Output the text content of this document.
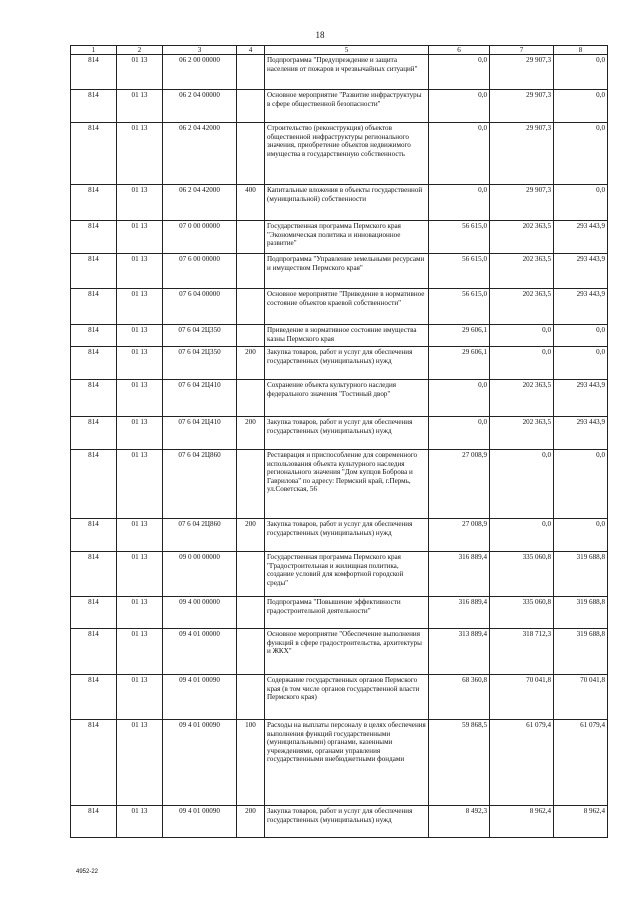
18
1	2	3	4	5	6	7	8
814	01 13	06 2 00 00000		Подпрограмма "Предупреждение и защита населения от пожаров и чрезвычайных ситуаций"	0,0	29 907,3	0,0
814	01 13	06 2 04 00000		Основное мероприятие "Развитие инфраструктуры в сфере общественной безопасности"	0,0	29 907,3	0,0
814	01 13	06 2 04 42000		Строительство (реконструкция) объектов общественной инфраструктуры регионального значения, приобретение объектов недвижимого имущества в государственную собственность	0,0	29 907,3	0,0
814	01 13	06 2 04 42000	400	Капитальные вложения в объекты государственной (муниципальной) собственности	0,0	29 907,3	0,0
814	01 13	07 0 00 00000		Государственная программа Пермского края "Экономическая политика и инновационное развитие"	56 615,0	202 363,5	293 443,9
814	01 13	07 6 00 00000		Подпрограмма "Управление земельными ресурсами и имуществом Пермского края"	56 615,0	202 363,5	293 443,9
814	01 13	07 6 04 00000		Основное мероприятие "Приведение в нормативное состояние объектов краевой собственности"	56 615,0	202 363,5	293 443,9
814	01 13	07 6 04 2Ц350		Приведение в нормативное состояние имущества казны Пермского края	29 606,1	0,0	0,0
814	01 13	07 6 04 2Ц350	200	Закупка товаров, работ и услуг для обеспечения государственных (муниципальных) нужд	29 606,1	0,0	0,0
814	01 13	07 6 04 2Ц410		Сохранение объекта культурного наследия федерального значения "Гостиный двор"	0,0	202 363,5	293 443,9
814	01 13	07 6 04 2Ц410	200	Закупка товаров, работ и услуг для обеспечения государственных (муниципальных) нужд	0,0	202 363,5	293 443,9
814	01 13	07 6 04 2Ц860		Реставрация и приспособление для современного использования объекта культурного наследия регионального значения "Дом купцов Боброва и Гаврилова" по адресу: Пермский край, г.Пермь, ул.Советская, 56	27 008,9	0,0	0,0
814	01 13	07 6 04 2Ц860	200	Закупка товаров, работ и услуг для обеспечения государственных (муниципальных) нужд	27 008,9	0,0	0,0
814	01 13	09 0 00 00000		Государственная программа Пермского края "Градостроительная и жилищная политика, создание условий для комфортной городской среды"	316 889,4	335 060,8	319 688,8
814	01 13	09 4 00 00000		Подпрограмма "Повышение эффективности градостроительной деятельности"	316 889,4	335 060,8	319 688,8
814	01 13	09 4 01 00000		Основное мероприятие "Обеспечение выполнения функций в сфере градостроительства, архитектуры и ЖКХ"	313 889,4	318 712,3	319 688,8
814	01 13	09 4 01 00090		Содержание государственных органов Пермского края (в том числе органов государственной власти Пермского края)	68 360,8	70 041,8	70 041,8
814	01 13	09 4 01 00090	100	Расходы на выплаты персоналу в целях обеспечения выполнения функций государственными (муниципальными) органами, казенными учреждениями, органами управления государственными внебюджетными фондами	59 868,5	61 079,4	61 079,4
814	01 13	09 4 01 00090	200	Закупка товаров, работ и услуг для обеспечения государственных (муниципальных) нужд	8 492,3	8 962,4	8 962,4
4952-22
